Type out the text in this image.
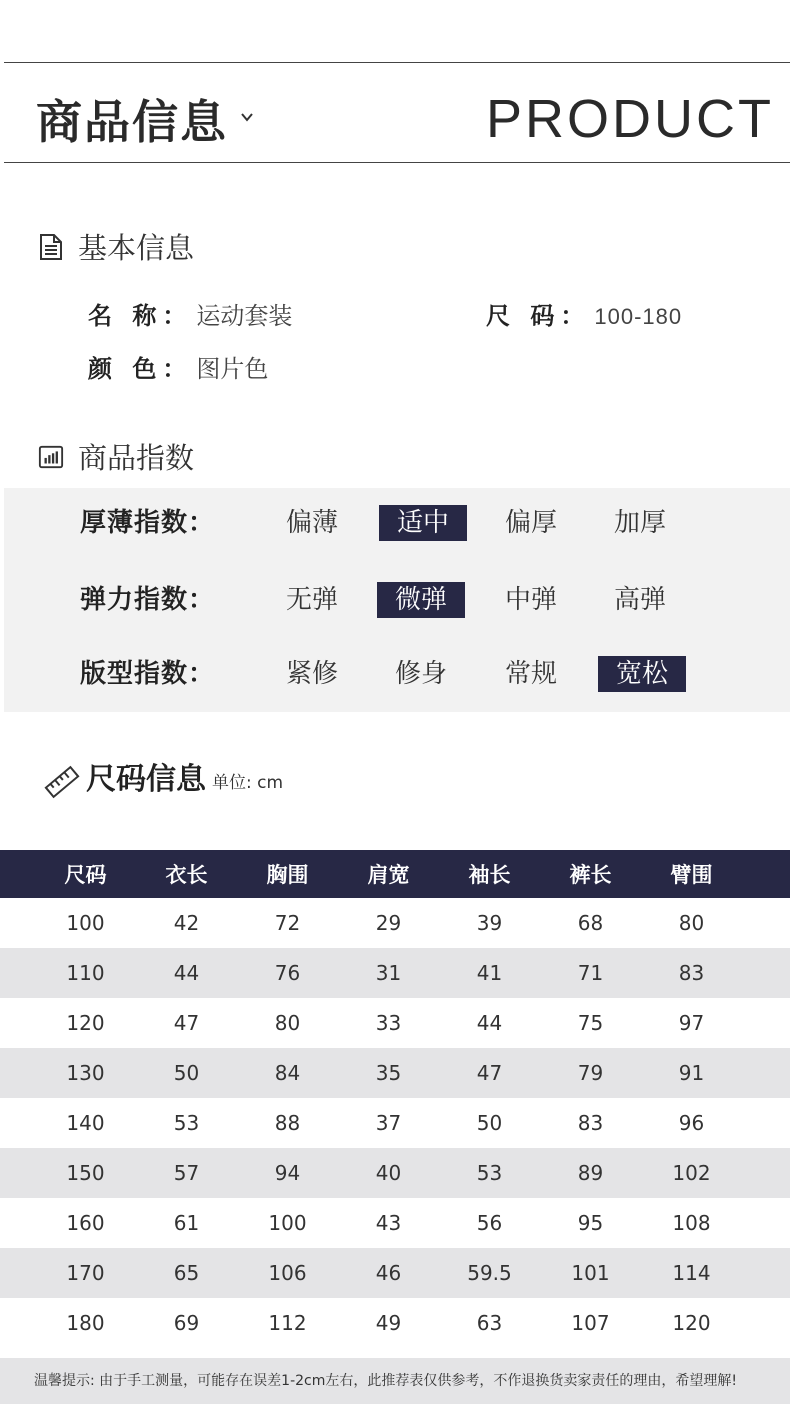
商品信息	PRODUCT
基本信息
名 称： 运动套装	尺 码： 100-180
颜 色： 图片色
商品指数
厚薄指数：	偏薄	适中	偏厚	加厚
弹力指数：	无弹	微弹	中弹	高弹
版型指数：	紧修	修身	常规	宽松
尺码信息 单位: cm
尺码	衣长	胸围	肩宽	袖长	裤长	臂围
100	42	72	29	39	68	80
110	44	76	31	41	71	83
120	47	80	33	44	75	97
130	50	84	35	47	79	91
140	53	88	37	50	83	96
150	57	94	40	53	89	102
160	61	100	43	56	95	108
170	65	106	46	59.5	101	114
180	69	112	49	63	107	120
温馨提示: 由于手工测量，可能存在误差1-2cm左右，此推荐表仅供参考，不作退换货卖家责任的理由，希望理解!
